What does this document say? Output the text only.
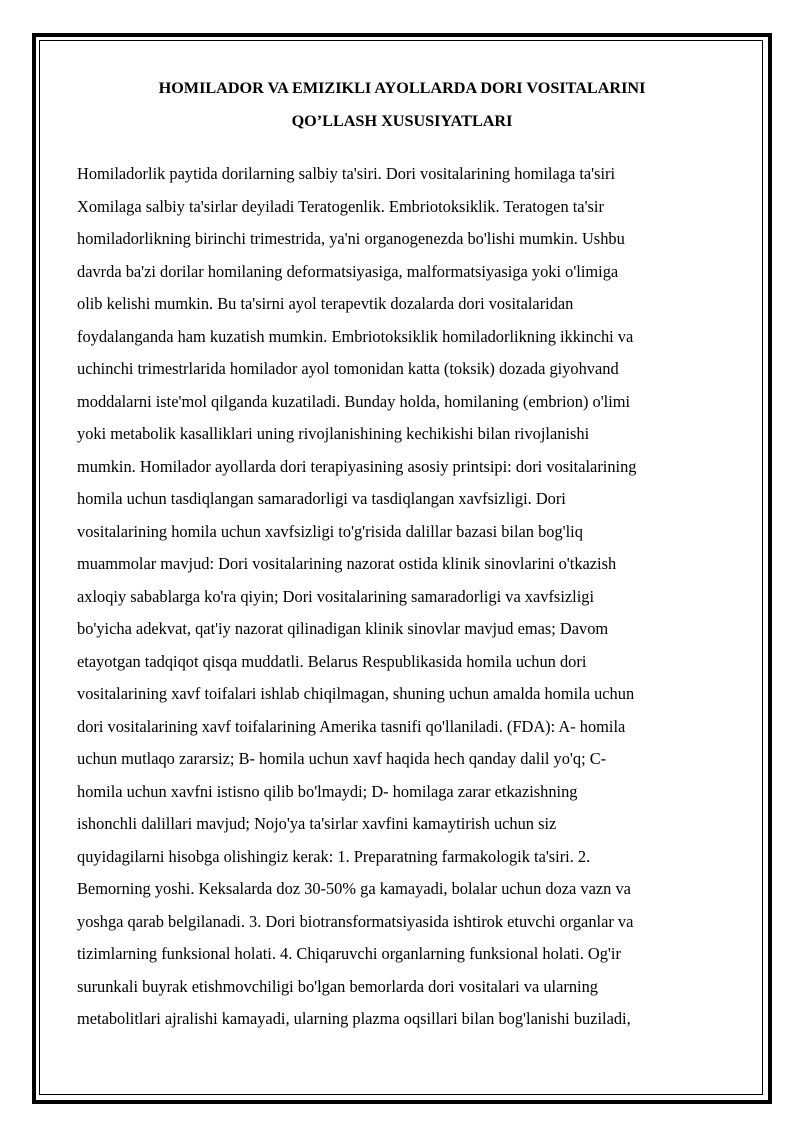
HOMILADOR VA EMIZIKLI AYOLLARDA DORI VOSITALARINI
QO’LLASH XUSUSIYATLARI

Homiladorlik paytida dorilarning salbiy ta'siri. Dori vositalarining homilaga ta'siri
Xomilaga salbiy ta'sirlar deyiladi Teratogenlik. Embriotoksiklik. Teratogen ta'sir
homiladorlikning birinchi trimestrida, ya'ni organogenezda bo'lishi mumkin. Ushbu
davrda ba'zi dorilar homilaning deformatsiyasiga, malformatsiyasiga yoki o'limiga
olib kelishi mumkin. Bu ta'sirni ayol terapevtik dozalarda dori vositalaridan
foydalanganda ham kuzatish mumkin. Embriotoksiklik homiladorlikning ikkinchi va
uchinchi trimestrlarida homilador ayol tomonidan katta (toksik) dozada giyohvand
moddalarni iste'mol qilganda kuzatiladi. Bunday holda, homilaning (embrion) o'limi
yoki metabolik kasalliklari uning rivojlanishining kechikishi bilan rivojlanishi
mumkin. Homilador ayollarda dori terapiyasining asosiy printsipi: dori vositalarining
homila uchun tasdiqlangan samaradorligi va tasdiqlangan xavfsizligi. Dori
vositalarining homila uchun xavfsizligi to'g'risida dalillar bazasi bilan bog'liq
muammolar mavjud: Dori vositalarining nazorat ostida klinik sinovlarini o'tkazish
axloqiy sabablarga ko'ra qiyin; Dori vositalarining samaradorligi va xavfsizligi
bo'yicha adekvat, qat'iy nazorat qilinadigan klinik sinovlar mavjud emas; Davom
etayotgan tadqiqot qisqa muddatli. Belarus Respublikasida homila uchun dori
vositalarining xavf toifalari ishlab chiqilmagan, shuning uchun amalda homila uchun
dori vositalarining xavf toifalarining Amerika tasnifi qo'llaniladi. (FDA): A- homila
uchun mutlaqo zararsiz; B- homila uchun xavf haqida hech qanday dalil yo'q; C-
homila uchun xavfni istisno qilib bo'lmaydi; D- homilaga zarar etkazishning
ishonchli dalillari mavjud; Nojo'ya ta'sirlar xavfini kamaytirish uchun siz
quyidagilarni hisobga olishingiz kerak: 1. Preparatning farmakologik ta'siri. 2.
Bemorning yoshi. Keksalarda doz 30-50% ga kamayadi, bolalar uchun doza vazn va
yoshga qarab belgilanadi. 3. Dori biotransformatsiyasida ishtirok etuvchi organlar va
tizimlarning funksional holati. 4. Chiqaruvchi organlarning funksional holati. Og'ir
surunkali buyrak etishmovchiligi bo'lgan bemorlarda dori vositalari va ularning
metabolitlari ajralishi kamayadi, ularning plazma oqsillari bilan bog'lanishi buziladi,
